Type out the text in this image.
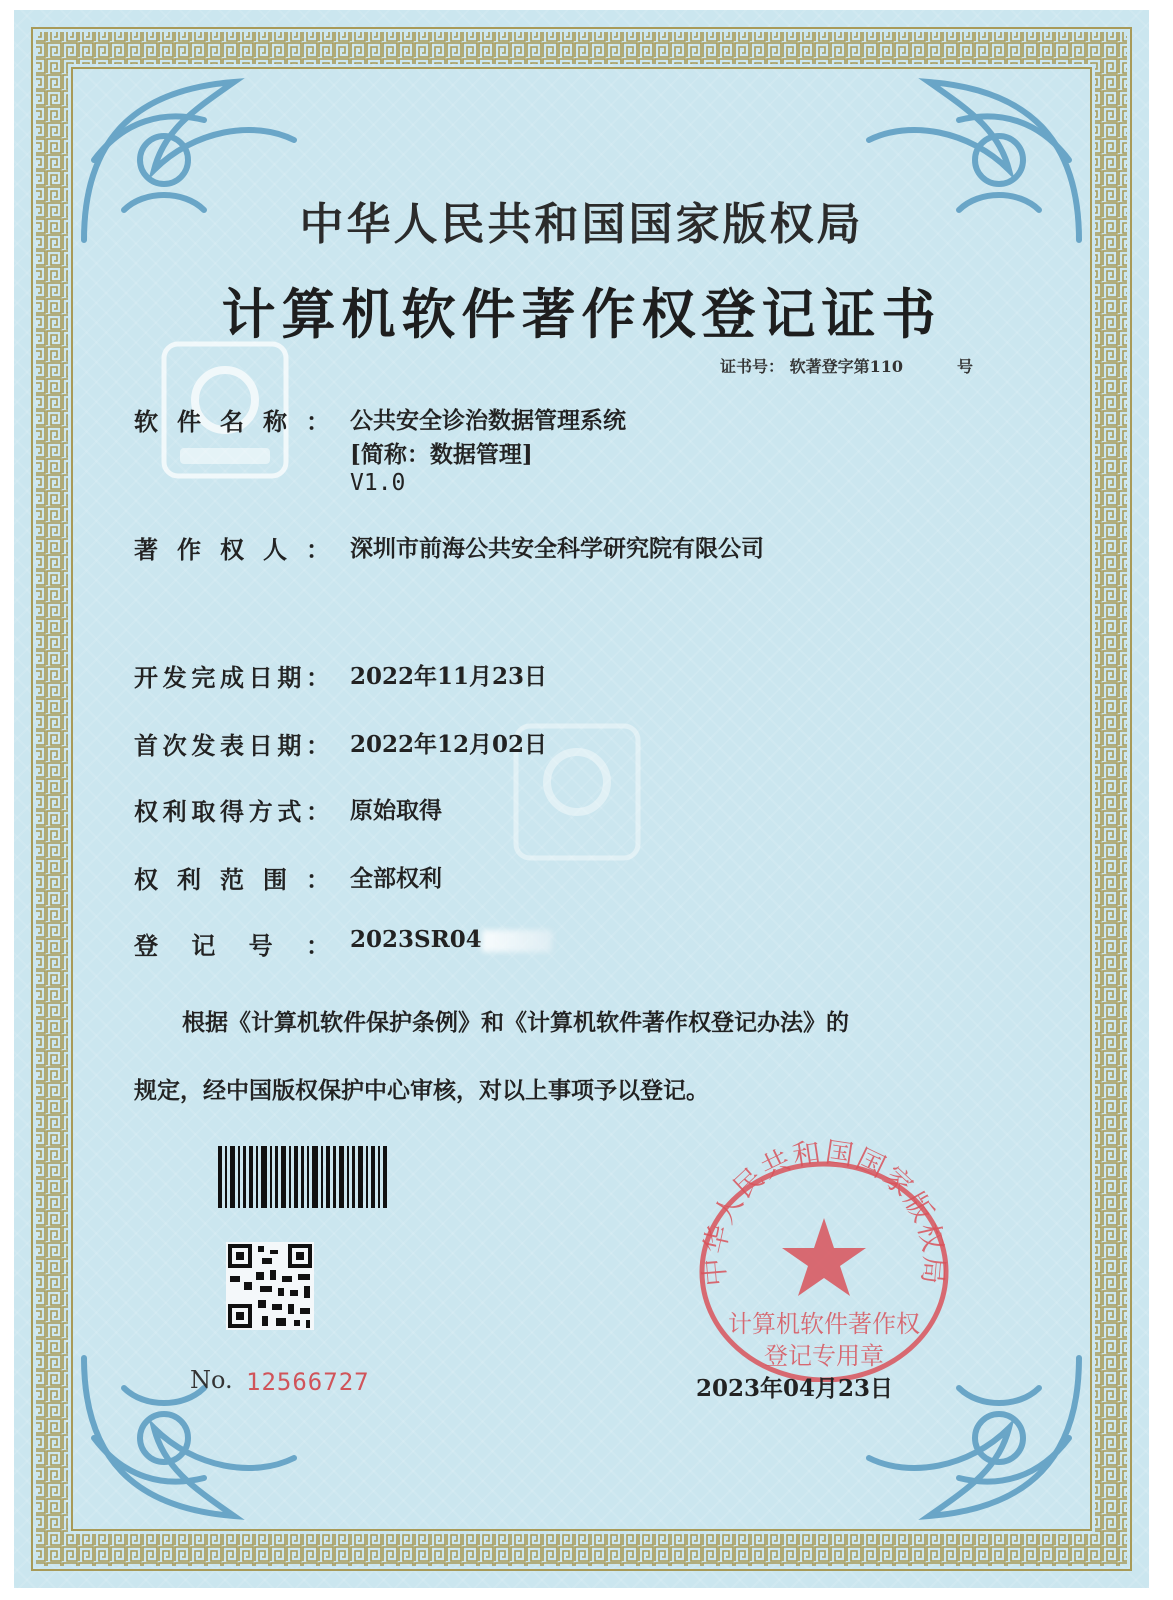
中华人民共和国国家版权局
计算机软件著作权登记证书
证书号： 软著登字第110	号
软件名称： 公共安全诊治数据管理系统
[简称：数据管理]
V1.0
著作权人： 深圳市前海公共安全科学研究院有限公司
开发完成日期： 2022年11月23日
首次发表日期： 2022年12月02日
权利取得方式： 原始取得
权利范围： 全部权利
登记号： 2023SR04
根据《计算机软件保护条例》和《计算机软件著作权登记办法》的
规定，经中国版权保护中心审核，对以上事项予以登记。
No. 12566727
中华人民共和国国家版权局
计算机软件著作权
登记专用章
2023年04月23日
